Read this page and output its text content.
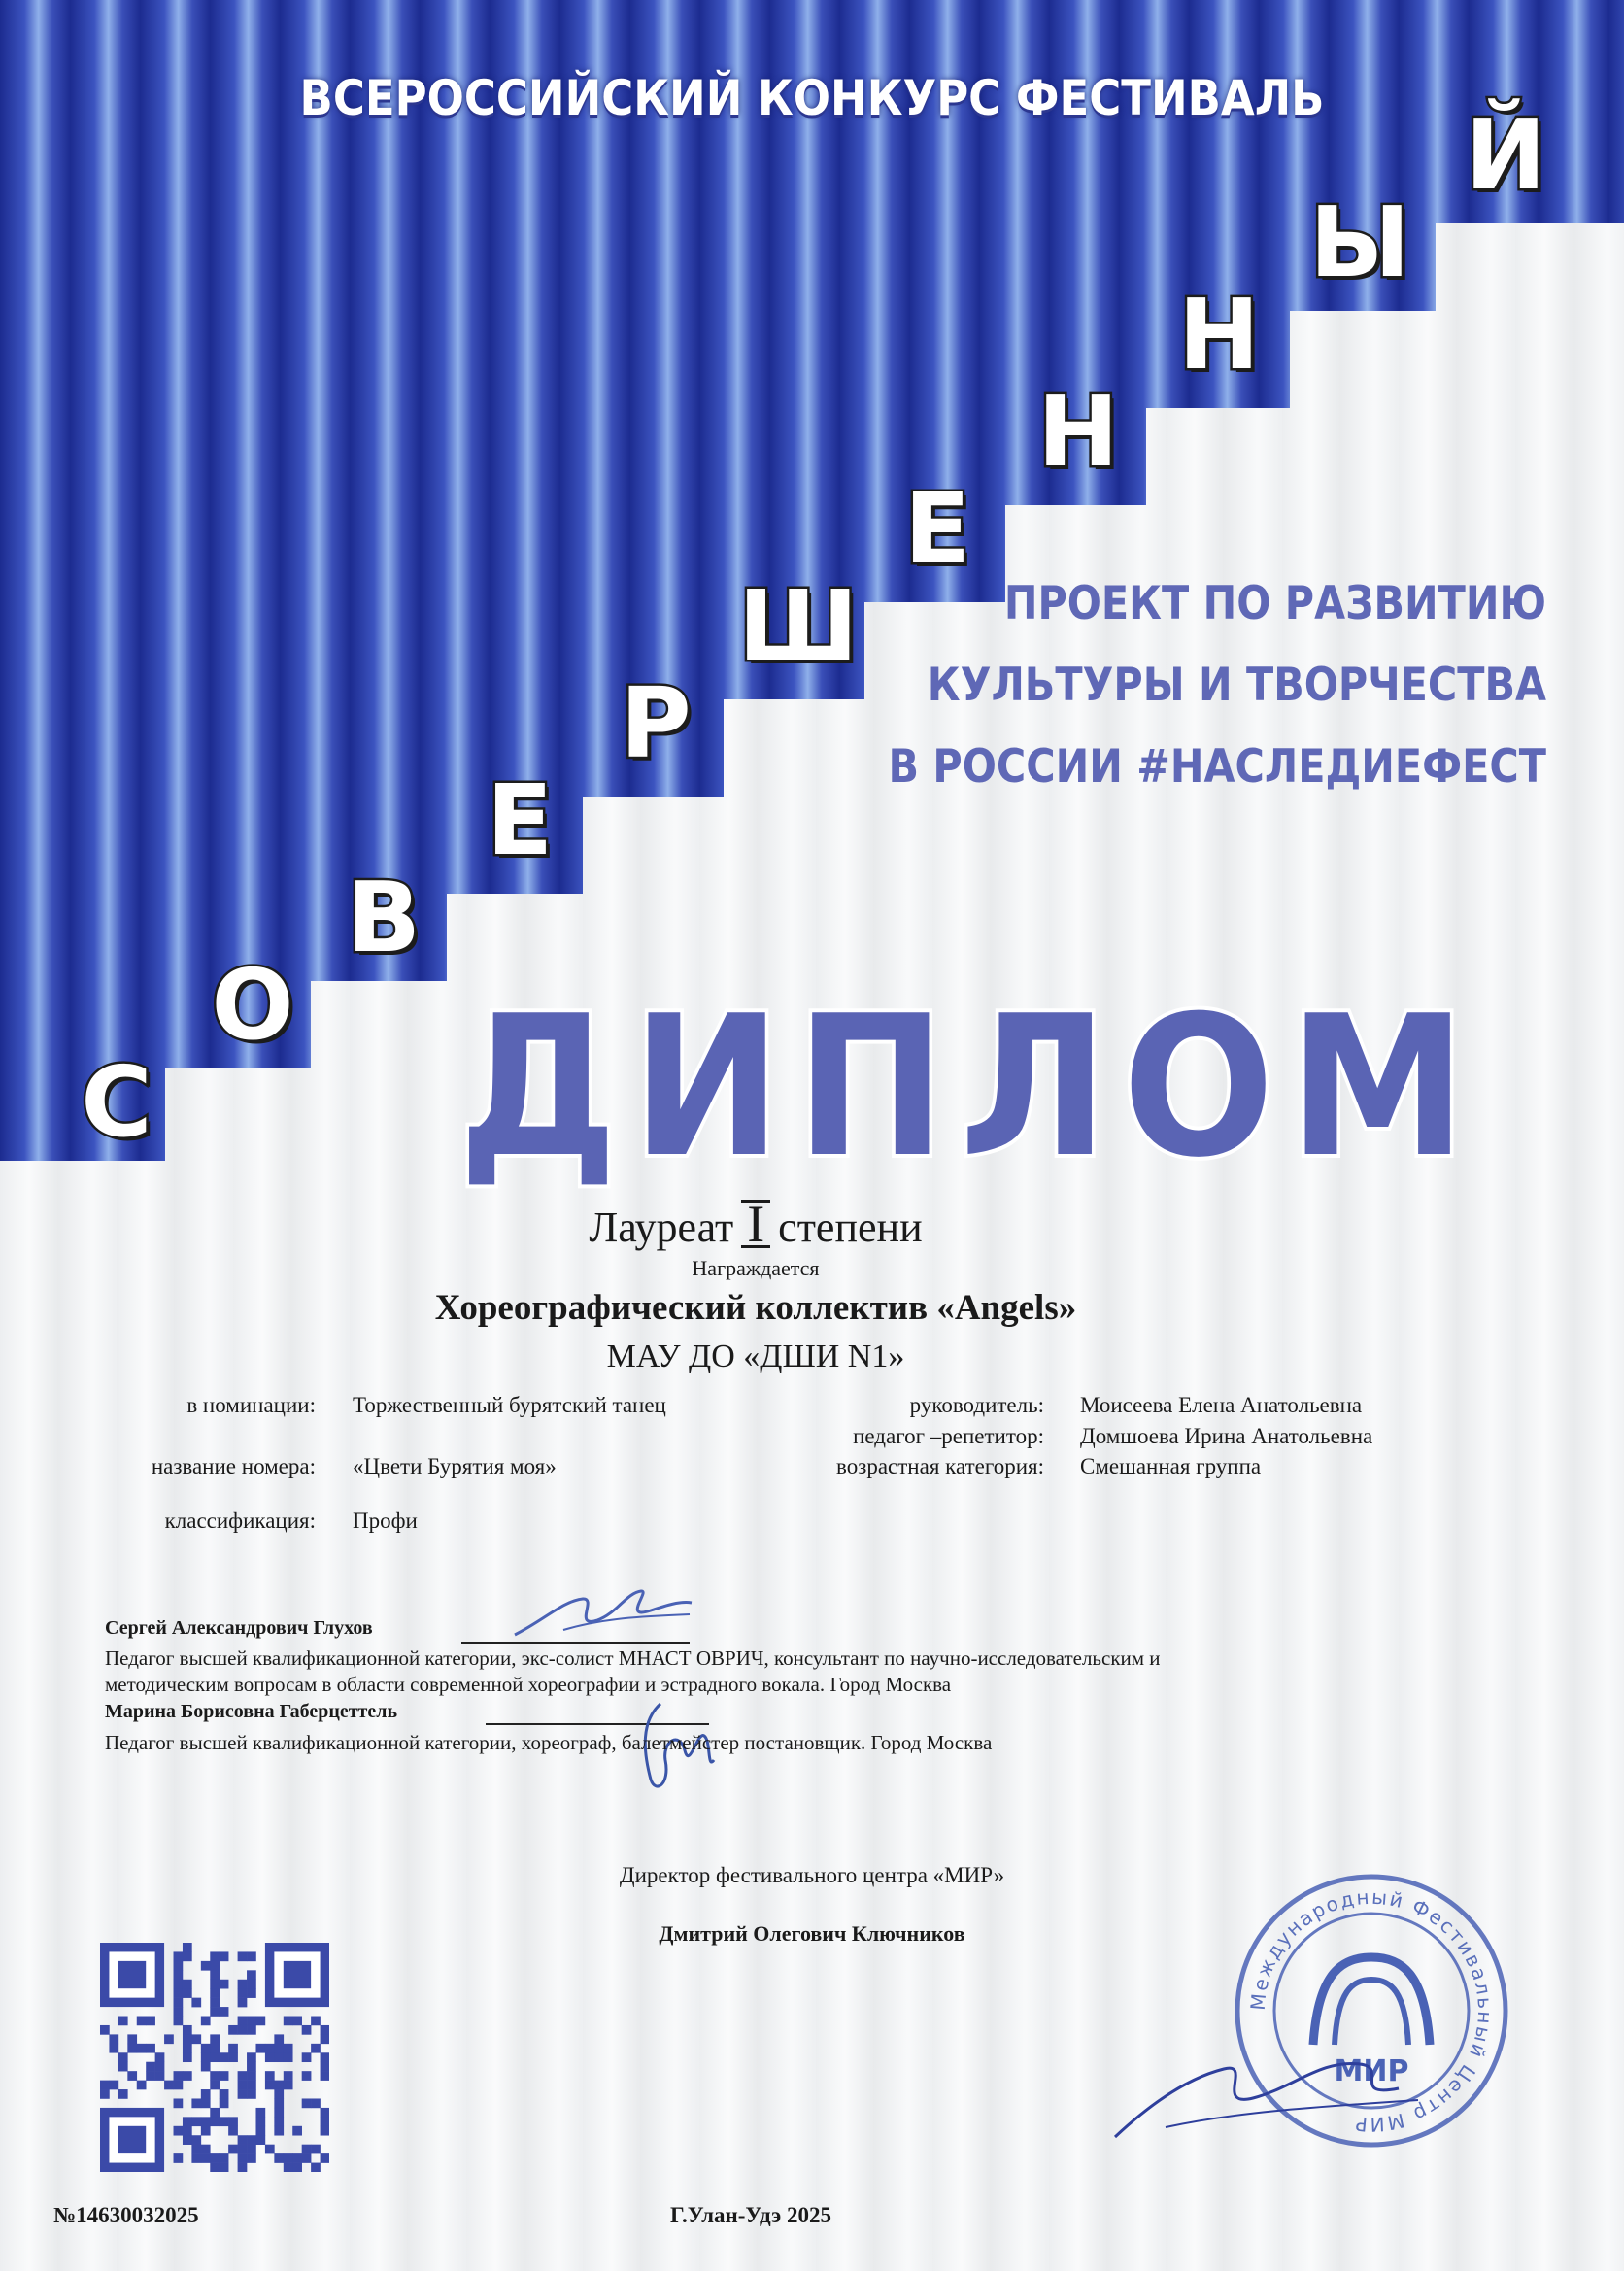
ВСЕРОССИЙСКИЙ КОНКУРС ФЕСТИВАЛЬ
С
О
В
Е
Р
Ш
Е
Н
Н
Ы
Й
ПРОЕКТ ПО РАЗВИТИЮ
КУЛЬТУРЫ И ТВОРЧЕСТВА
В РОССИИ #НАСЛЕДИЕФЕСТ
ДИПЛОМ
Лауреат I степени
Награждается
Хореографический коллектив «Angels»
МАУ ДО «ДШИ N1»
в номинации: Торжественный бурятский танец
название номера: «Цвети Бурятия моя»
классификация: Профи
руководитель: Моисеева Елена Анатольевна
педагог –репетитор: Домшоева Ирина Анатольевна
возрастная категория: Смешанная группа
Сергей Александрович Глухов
Педагог высшей квалификационной категории, экс-солист МНАСТ ОВРИЧ, консультант по научно-исследовательским и
методическим вопросам в области современной хореографии и эстрадного вокала. Город Москва
Марина Борисовна Габерцеттель
Педагог высшей квалификационной категории, хореограф, балетмейстер постановщик. Город Москва
Директор фестивального центра «МИР»
Дмитрий Олегович Ключников
Международный Фестивальный Центр МИР
МИР
№14630032025	Г.Улан-Удэ 2025
